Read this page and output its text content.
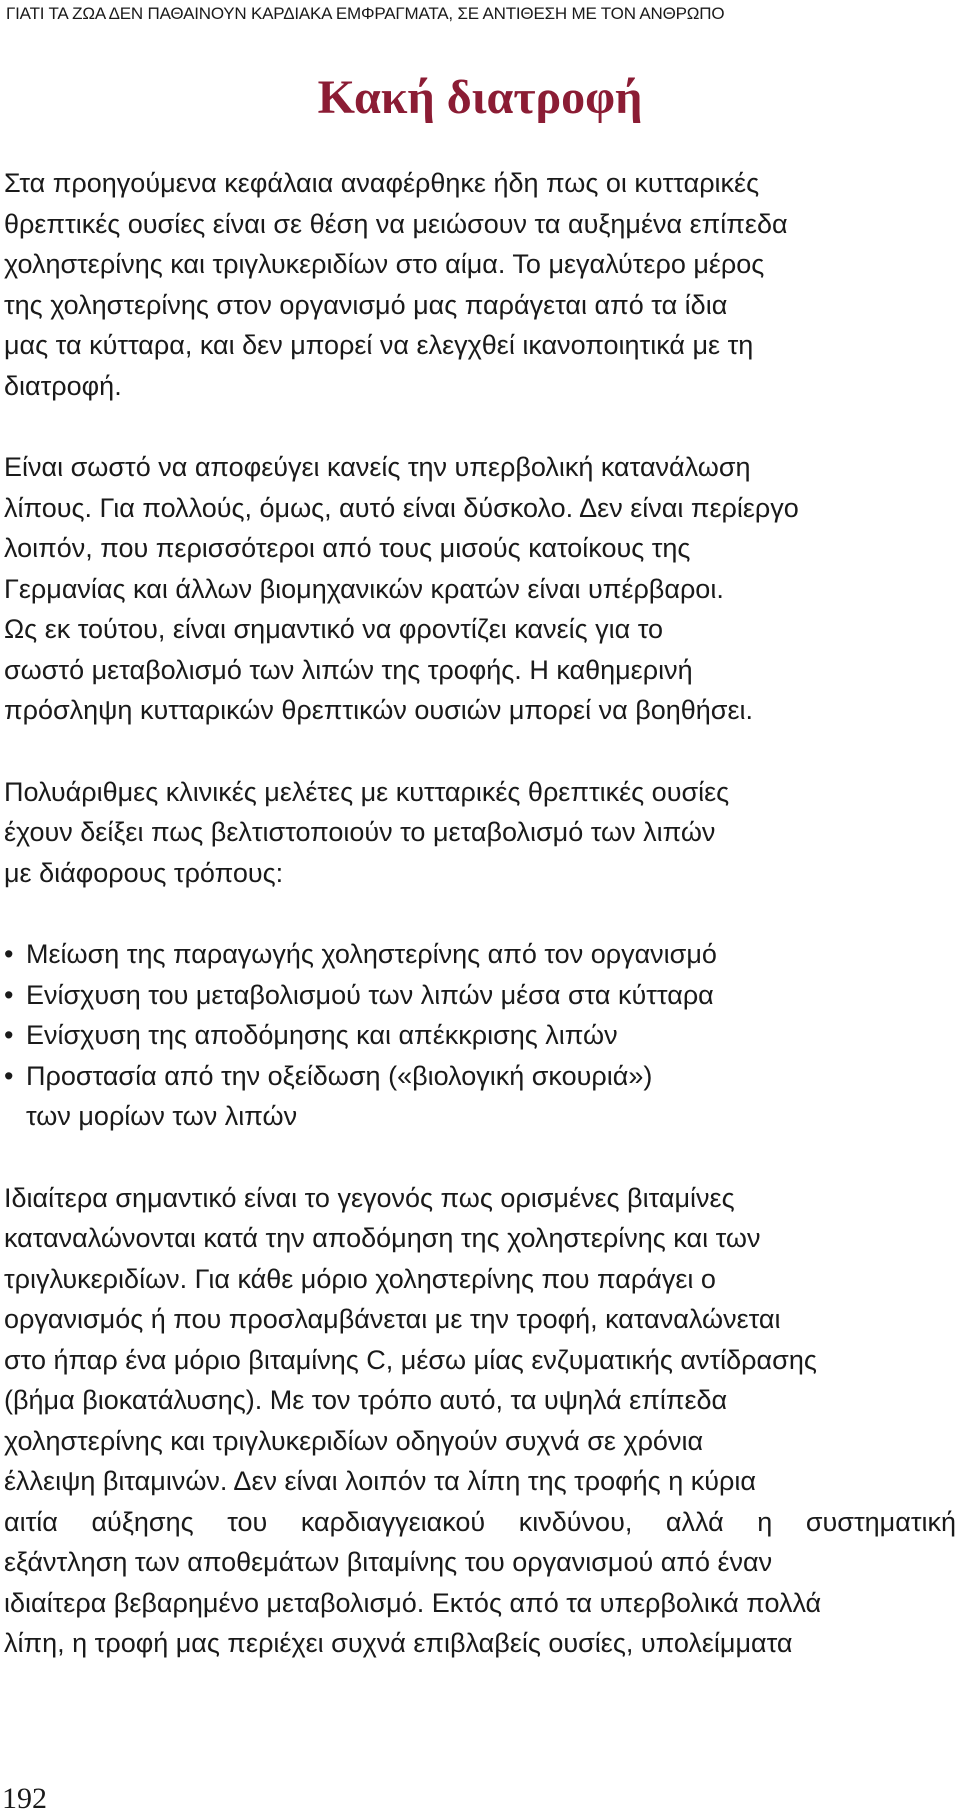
ΓΙΑΤΙ ΤΑ ΖΩΑ ΔΕΝ ΠΑΘΑΙΝΟΥΝ ΚΑΡΔΙΑΚΑ ΕΜΦΡΑΓΜΑΤΑ, ΣΕ ΑΝΤΙΘΕΣΗ ΜΕ ΤΟΝ ΑΝΘΡΩΠΟ
Κακή διατροφή

Στα προηγούμενα κεφάλαια αναφέρθηκε ήδη πως οι κυτταρικές
θρεπτικές ουσίες είναι σε θέση να μειώσουν τα αυξημένα επίπεδα
χοληστερίνης και τριγλυκεριδίων στο αίμα. Το μεγαλύτερο μέρος
της χοληστερίνης στον οργανισμό μας παράγεται από τα ίδια
μας τα κύτταρα, και δεν μπορεί να ελεγχθεί ικανοποιητικά με τη
διατροφή.

Είναι σωστό να αποφεύγει κανείς την υπερβολική κατανάλωση
λίπους. Για πολλούς, όμως, αυτό είναι δύσκολο. Δεν είναι περίεργο
λοιπόν, που περισσότεροι από τους μισούς κατοίκους της
Γερμανίας και άλλων βιομηχανικών κρατών είναι υπέρβαροι.
Ως εκ τούτου, είναι σημαντικό να φροντίζει κανείς για το
σωστό μεταβολισμό των λιπών της τροφής. Η καθημερινή
πρόσληψη κυτταρικών θρεπτικών ουσιών μπορεί να βοηθήσει.

Πολυάριθμες κλινικές μελέτες με κυτταρικές θρεπτικές ουσίες
έχουν δείξει πως βελτιστοποιούν το μεταβολισμό των λιπών
με διάφορους τρόπους:

• Μείωση της παραγωγής χοληστερίνης από τον οργανισμό
• Ενίσχυση του μεταβολισμού των λιπών μέσα στα κύτταρα
• Ενίσχυση της αποδόμησης και απέκκρισης λιπών
• Προστασία από την οξείδωση («βιολογική σκουριά»)
των μορίων των λιπών

Ιδιαίτερα σημαντικό είναι το γεγονός πως ορισμένες βιταμίνες
καταναλώνονται κατά την αποδόμηση της χοληστερίνης και των
τριγλυκεριδίων. Για κάθε μόριο χοληστερίνης που παράγει ο
οργανισμός ή που προσλαμβάνεται με την τροφή, καταναλώνεται
στο ήπαρ ένα μόριο βιταμίνης C, μέσω μίας ενζυματικής αντίδρασης
(βήμα βιοκατάλυσης). Με τον τρόπο αυτό, τα υψηλά επίπεδα
χοληστερίνης και τριγλυκεριδίων οδηγούν συχνά σε χρόνια
έλλειψη βιταμινών. Δεν είναι λοιπόν τα λίπη της τροφής η κύρια
αιτία αύξησης του καρδιαγγειακού κινδύνου, αλλά η συστηματική
εξάντληση των αποθεμάτων βιταμίνης του οργανισμού από έναν
ιδιαίτερα βεβαρημένο μεταβολισμό. Εκτός από τα υπερβολικά πολλά
λίπη, η τροφή μας περιέχει συχνά επιβλαβείς ουσίες, υπολείμματα

192
